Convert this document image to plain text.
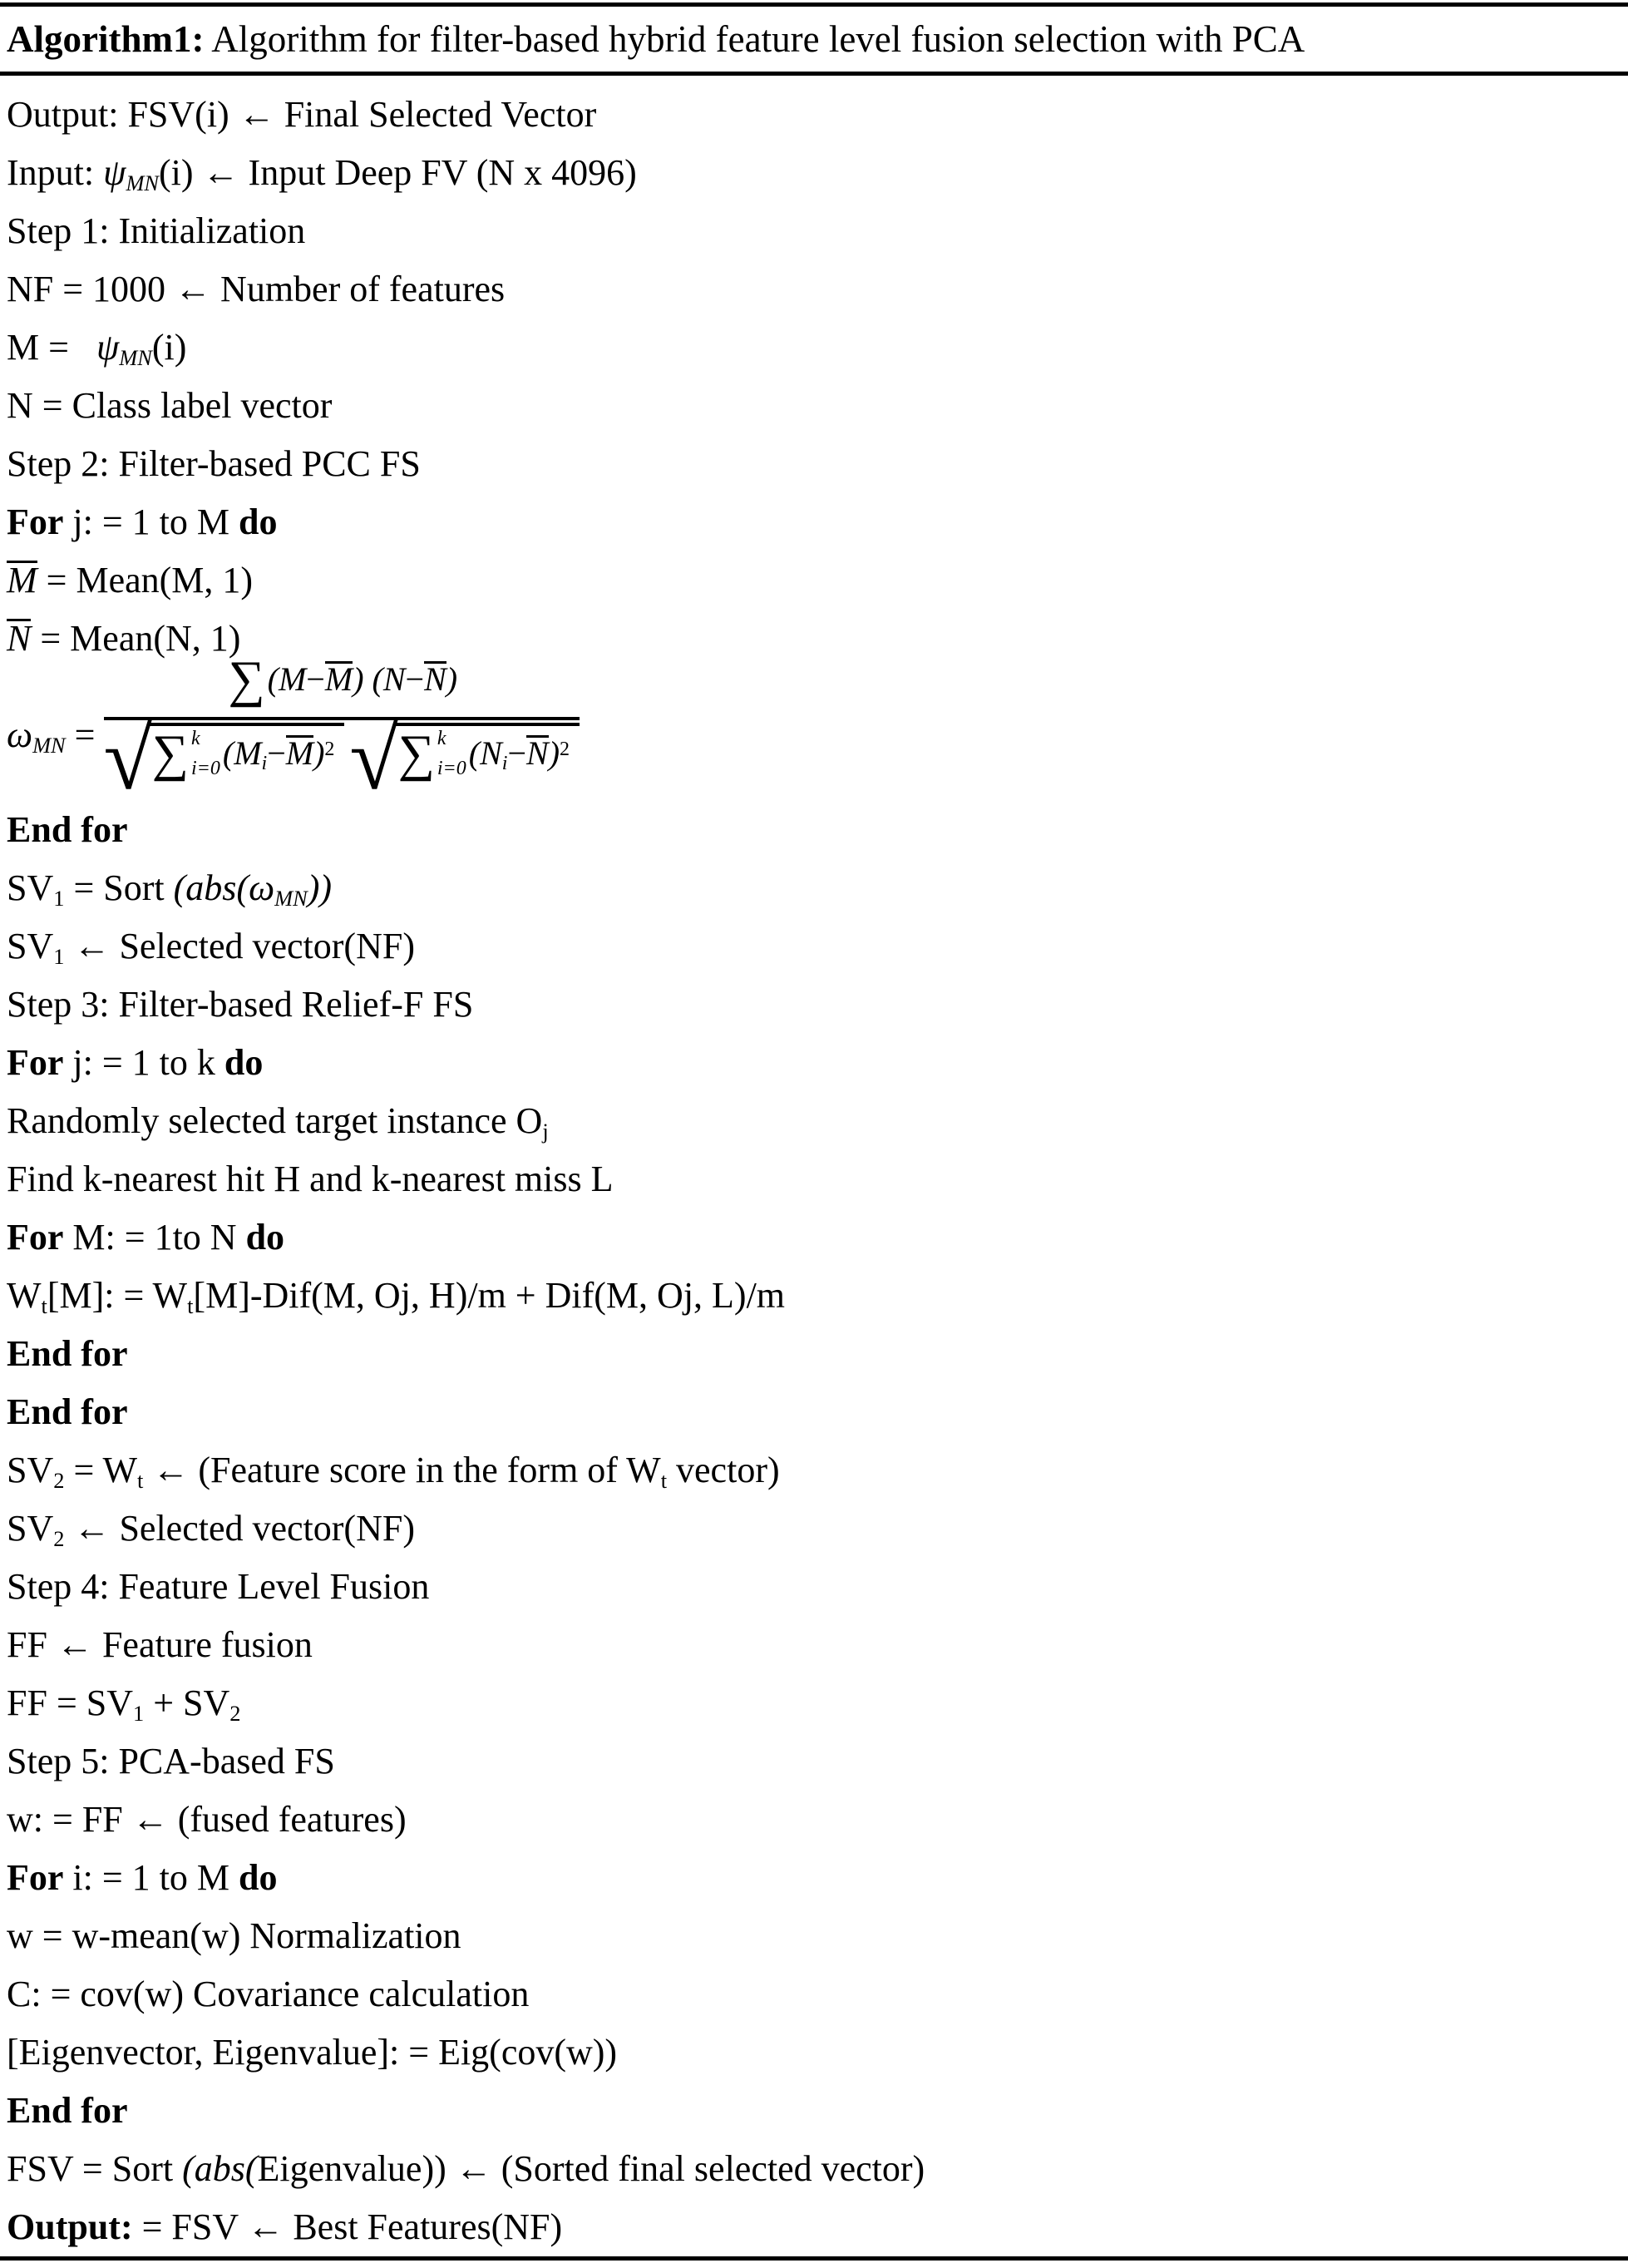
Algorithm1: Algorithm for filter-based hybrid feature level fusion selection with PCA
Output: FSV(i) ← Final Selected Vector
Input: $\psi_{MN}(i)$ ← Input Deep FV (N x 4096)
Step 1: Initialization
NF = 1000 ← Number of features
M =  $\psi_{MN}(i)$
N = Class label vector
Step 2: Filter-based PCC FS
For j: = 1 to M do
M = Mean(M, 1)
N = Mean(N, 1)
$\omega_{MN}$ = ∑ (M−M) (N−N)
√ ∑ k
i=0 $(M_i-M)^2$ √ ∑ k
i=0 $(N_i-N)^2$
End for
$SV_1$ = Sort $(abs(\omega_{MN}))$
$SV_1$ ← Selected vector(NF)
Step 3: Filter-based Relief-F FS
For j: = 1 to k do
Randomly selected target instance $O_j$
Find k-nearest hit H and k-nearest miss L
For M: = 1to N do
$W_t[M]$: = $W_t[M]-Dif(M$, Oj, H)/m + Dif(M, Oj, L)/m
End for
End for
$SV_2 = W_t$ ← (Feature score in the form of $W_t$ vector)
$SV_2$ ← Selected vector(NF)
Step 4: Feature Level Fusion
FF ← Feature fusion
FF = $SV_1 + SV_2$
Step 5: PCA-based FS
w: = FF ← (fused features)
For i: = 1 to M do
w = w-mean(w) Normalization
C: = cov(w) Covariance calculation
[Eigenvector, Eigenvalue]: = Eig(cov(w))
End for
FSV = Sort (abs(Eigenvalue)) ← (Sorted final selected vector)
Output: = FSV ← Best Features(NF)
